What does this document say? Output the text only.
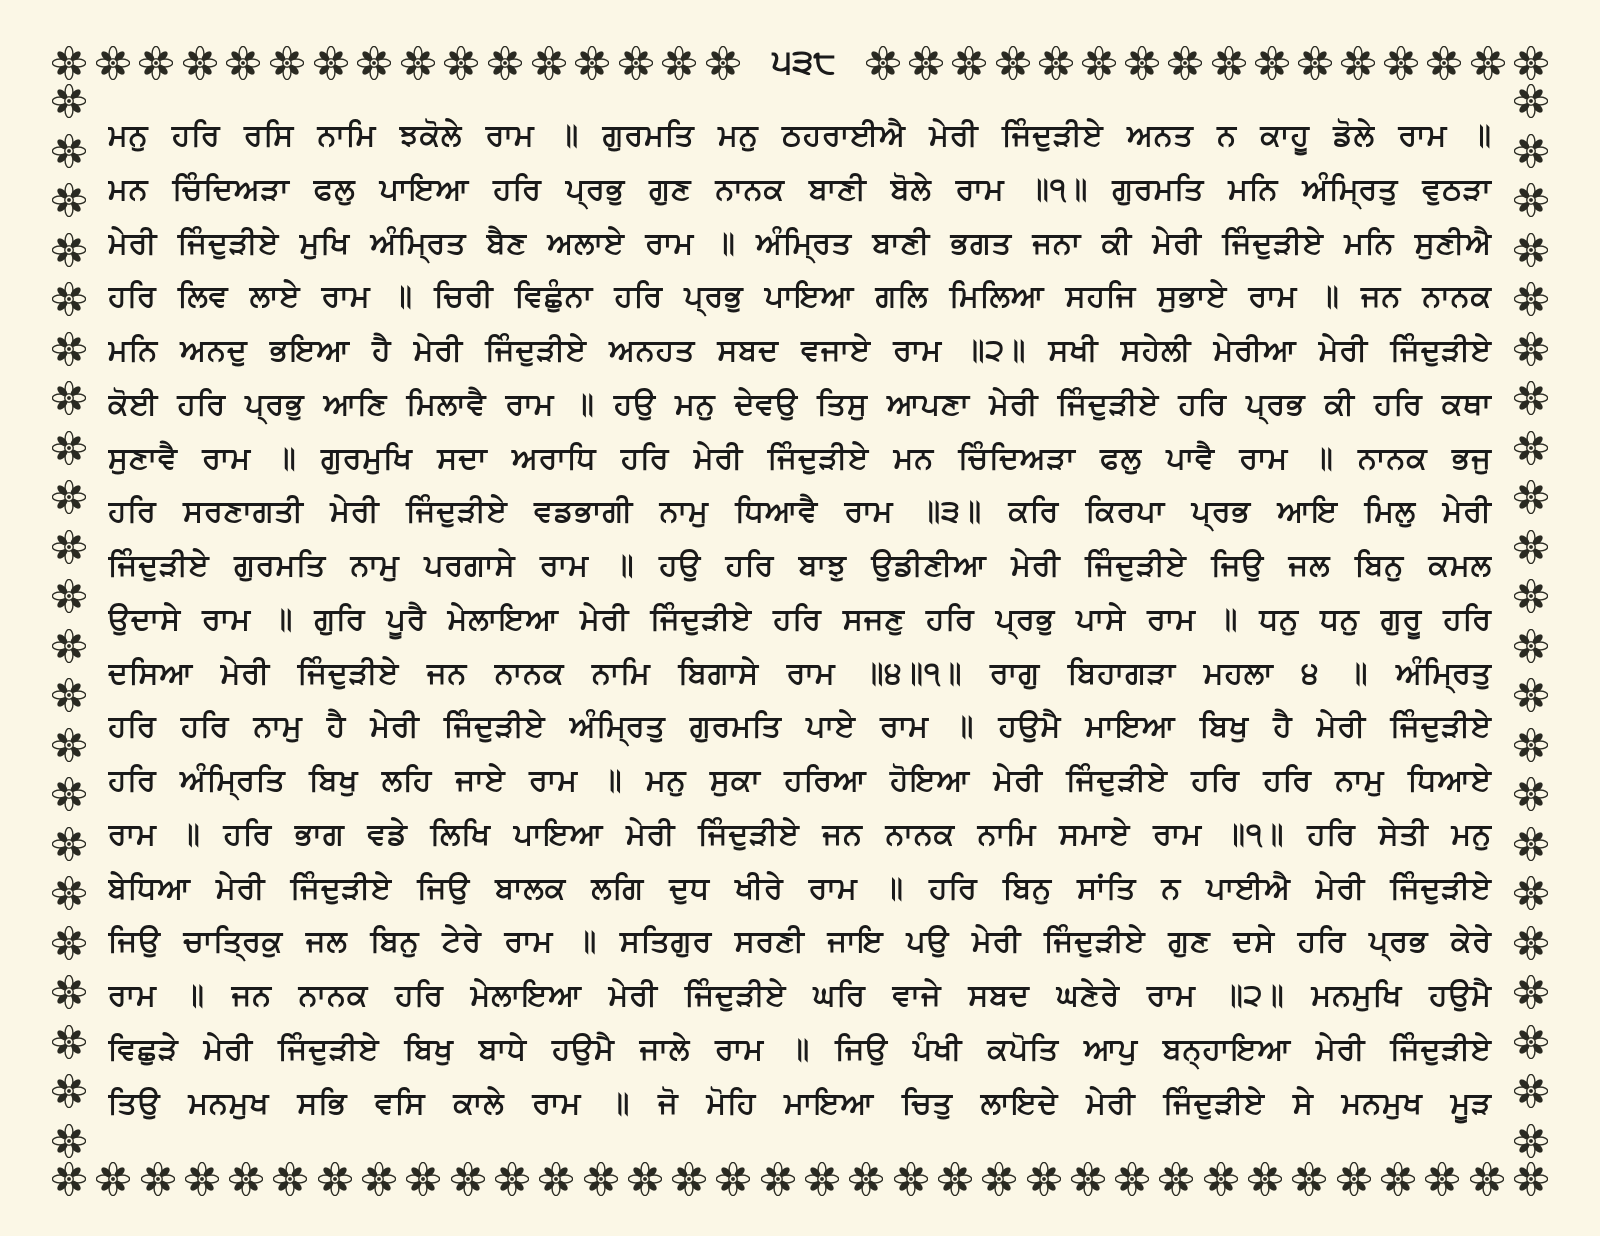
੫੩੮
ਮਨੁ ਹਰਿ ਰਸਿ ਨਾਮਿ ਝਕੋਲੇ ਰਾਮ ॥ ਗੁਰਮਤਿ ਮਨੁ ਠਹਰਾਈਐ ਮੇਰੀ ਜਿੰਦੁੜੀਏ ਅਨਤ ਨ ਕਾਹੂ ਡੋਲੇ ਰਾਮ ॥
ਮਨ ਚਿੰਦਿਅੜਾ ਫਲੁ ਪਾਇਆ ਹਰਿ ਪ੍ਰਭੁ ਗੁਣ ਨਾਨਕ ਬਾਣੀ ਬੋਲੇ ਰਾਮ ॥੧॥ ਗੁਰਮਤਿ ਮਨਿ ਅੰਮ੍ਰਿਤੁ ਵੁਠੜਾ
ਮੇਰੀ ਜਿੰਦੁੜੀਏ ਮੁਖਿ ਅੰਮ੍ਰਿਤ ਬੈਣ ਅਲਾਏ ਰਾਮ ॥ ਅੰਮ੍ਰਿਤ ਬਾਣੀ ਭਗਤ ਜਨਾ ਕੀ ਮੇਰੀ ਜਿੰਦੁੜੀਏ ਮਨਿ ਸੁਣੀਐ
ਹਰਿ ਲਿਵ ਲਾਏ ਰਾਮ ॥ ਚਿਰੀ ਵਿਛੁੰਨਾ ਹਰਿ ਪ੍ਰਭੁ ਪਾਇਆ ਗਲਿ ਮਿਲਿਆ ਸਹਜਿ ਸੁਭਾਏ ਰਾਮ ॥ ਜਨ ਨਾਨਕ
ਮਨਿ ਅਨਦੁ ਭਇਆ ਹੈ ਮੇਰੀ ਜਿੰਦੁੜੀਏ ਅਨਹਤ ਸਬਦ ਵਜਾਏ ਰਾਮ ॥੨॥ ਸਖੀ ਸਹੇਲੀ ਮੇਰੀਆ ਮੇਰੀ ਜਿੰਦੁੜੀਏ
ਕੋਈ ਹਰਿ ਪ੍ਰਭੁ ਆਣਿ ਮਿਲਾਵੈ ਰਾਮ ॥ ਹਉ ਮਨੁ ਦੇਵਉ ਤਿਸੁ ਆਪਣਾ ਮੇਰੀ ਜਿੰਦੁੜੀਏ ਹਰਿ ਪ੍ਰਭ ਕੀ ਹਰਿ ਕਥਾ
ਸੁਣਾਵੈ ਰਾਮ ॥ ਗੁਰਮੁਖਿ ਸਦਾ ਅਰਾਧਿ ਹਰਿ ਮੇਰੀ ਜਿੰਦੁੜੀਏ ਮਨ ਚਿੰਦਿਅੜਾ ਫਲੁ ਪਾਵੈ ਰਾਮ ॥ ਨਾਨਕ ਭਜੁ
ਹਰਿ ਸਰਣਾਗਤੀ ਮੇਰੀ ਜਿੰਦੁੜੀਏ ਵਡਭਾਗੀ ਨਾਮੁ ਧਿਆਵੈ ਰਾਮ ॥੩॥ ਕਰਿ ਕਿਰਪਾ ਪ੍ਰਭ ਆਇ ਮਿਲੁ ਮੇਰੀ
ਜਿੰਦੁੜੀਏ ਗੁਰਮਤਿ ਨਾਮੁ ਪਰਗਾਸੇ ਰਾਮ ॥ ਹਉ ਹਰਿ ਬਾਝੁ ਉਡੀਣੀਆ ਮੇਰੀ ਜਿੰਦੁੜੀਏ ਜਿਉ ਜਲ ਬਿਨੁ ਕਮਲ
ਉਦਾਸੇ ਰਾਮ ॥ ਗੁਰਿ ਪੂਰੈ ਮੇਲਾਇਆ ਮੇਰੀ ਜਿੰਦੁੜੀਏ ਹਰਿ ਸਜਣੁ ਹਰਿ ਪ੍ਰਭੁ ਪਾਸੇ ਰਾਮ ॥ ਧਨੁ ਧਨੁ ਗੁਰੂ ਹਰਿ
ਦਸਿਆ ਮੇਰੀ ਜਿੰਦੁੜੀਏ ਜਨ ਨਾਨਕ ਨਾਮਿ ਬਿਗਾਸੇ ਰਾਮ ॥੪॥੧॥ ਰਾਗੁ ਬਿਹਾਗੜਾ ਮਹਲਾ ੪ ॥ ਅੰਮ੍ਰਿਤੁ
ਹਰਿ ਹਰਿ ਨਾਮੁ ਹੈ ਮੇਰੀ ਜਿੰਦੁੜੀਏ ਅੰਮ੍ਰਿਤੁ ਗੁਰਮਤਿ ਪਾਏ ਰਾਮ ॥ ਹਉਮੈ ਮਾਇਆ ਬਿਖੁ ਹੈ ਮੇਰੀ ਜਿੰਦੁੜੀਏ
ਹਰਿ ਅੰਮ੍ਰਿਤਿ ਬਿਖੁ ਲਹਿ ਜਾਏ ਰਾਮ ॥ ਮਨੁ ਸੁਕਾ ਹਰਿਆ ਹੋਇਆ ਮੇਰੀ ਜਿੰਦੁੜੀਏ ਹਰਿ ਹਰਿ ਨਾਮੁ ਧਿਆਏ
ਰਾਮ ॥ ਹਰਿ ਭਾਗ ਵਡੇ ਲਿਖਿ ਪਾਇਆ ਮੇਰੀ ਜਿੰਦੁੜੀਏ ਜਨ ਨਾਨਕ ਨਾਮਿ ਸਮਾਏ ਰਾਮ ॥੧॥ ਹਰਿ ਸੇਤੀ ਮਨੁ
ਬੇਧਿਆ ਮੇਰੀ ਜਿੰਦੁੜੀਏ ਜਿਉ ਬਾਲਕ ਲਗਿ ਦੁਧ ਖੀਰੇ ਰਾਮ ॥ ਹਰਿ ਬਿਨੁ ਸਾਂਤਿ ਨ ਪਾਈਐ ਮੇਰੀ ਜਿੰਦੁੜੀਏ
ਜਿਉ ਚਾਤ੍ਰਿਕੁ ਜਲ ਬਿਨੁ ਟੇਰੇ ਰਾਮ ॥ ਸਤਿਗੁਰ ਸਰਣੀ ਜਾਇ ਪਉ ਮੇਰੀ ਜਿੰਦੁੜੀਏ ਗੁਣ ਦਸੇ ਹਰਿ ਪ੍ਰਭ ਕੇਰੇ
ਰਾਮ ॥ ਜਨ ਨਾਨਕ ਹਰਿ ਮੇਲਾਇਆ ਮੇਰੀ ਜਿੰਦੁੜੀਏ ਘਰਿ ਵਾਜੇ ਸਬਦ ਘਣੇਰੇ ਰਾਮ ॥੨॥ ਮਨਮੁਖਿ ਹਉਮੈ
ਵਿਛੁੜੇ ਮੇਰੀ ਜਿੰਦੁੜੀਏ ਬਿਖੁ ਬਾਧੇ ਹਉਮੈ ਜਾਲੇ ਰਾਮ ॥ ਜਿਉ ਪੰਖੀ ਕਪੋਤਿ ਆਪੁ ਬਨ੍ਹਾਇਆ ਮੇਰੀ ਜਿੰਦੁੜੀਏ
ਤਿਉ ਮਨਮੁਖ ਸਭਿ ਵਸਿ ਕਾਲੇ ਰਾਮ ॥ ਜੋ ਮੋਹਿ ਮਾਇਆ ਚਿਤੁ ਲਾਇਦੇ ਮੇਰੀ ਜਿੰਦੁੜੀਏ ਸੇ ਮਨਮੁਖ ਮੂੜ
